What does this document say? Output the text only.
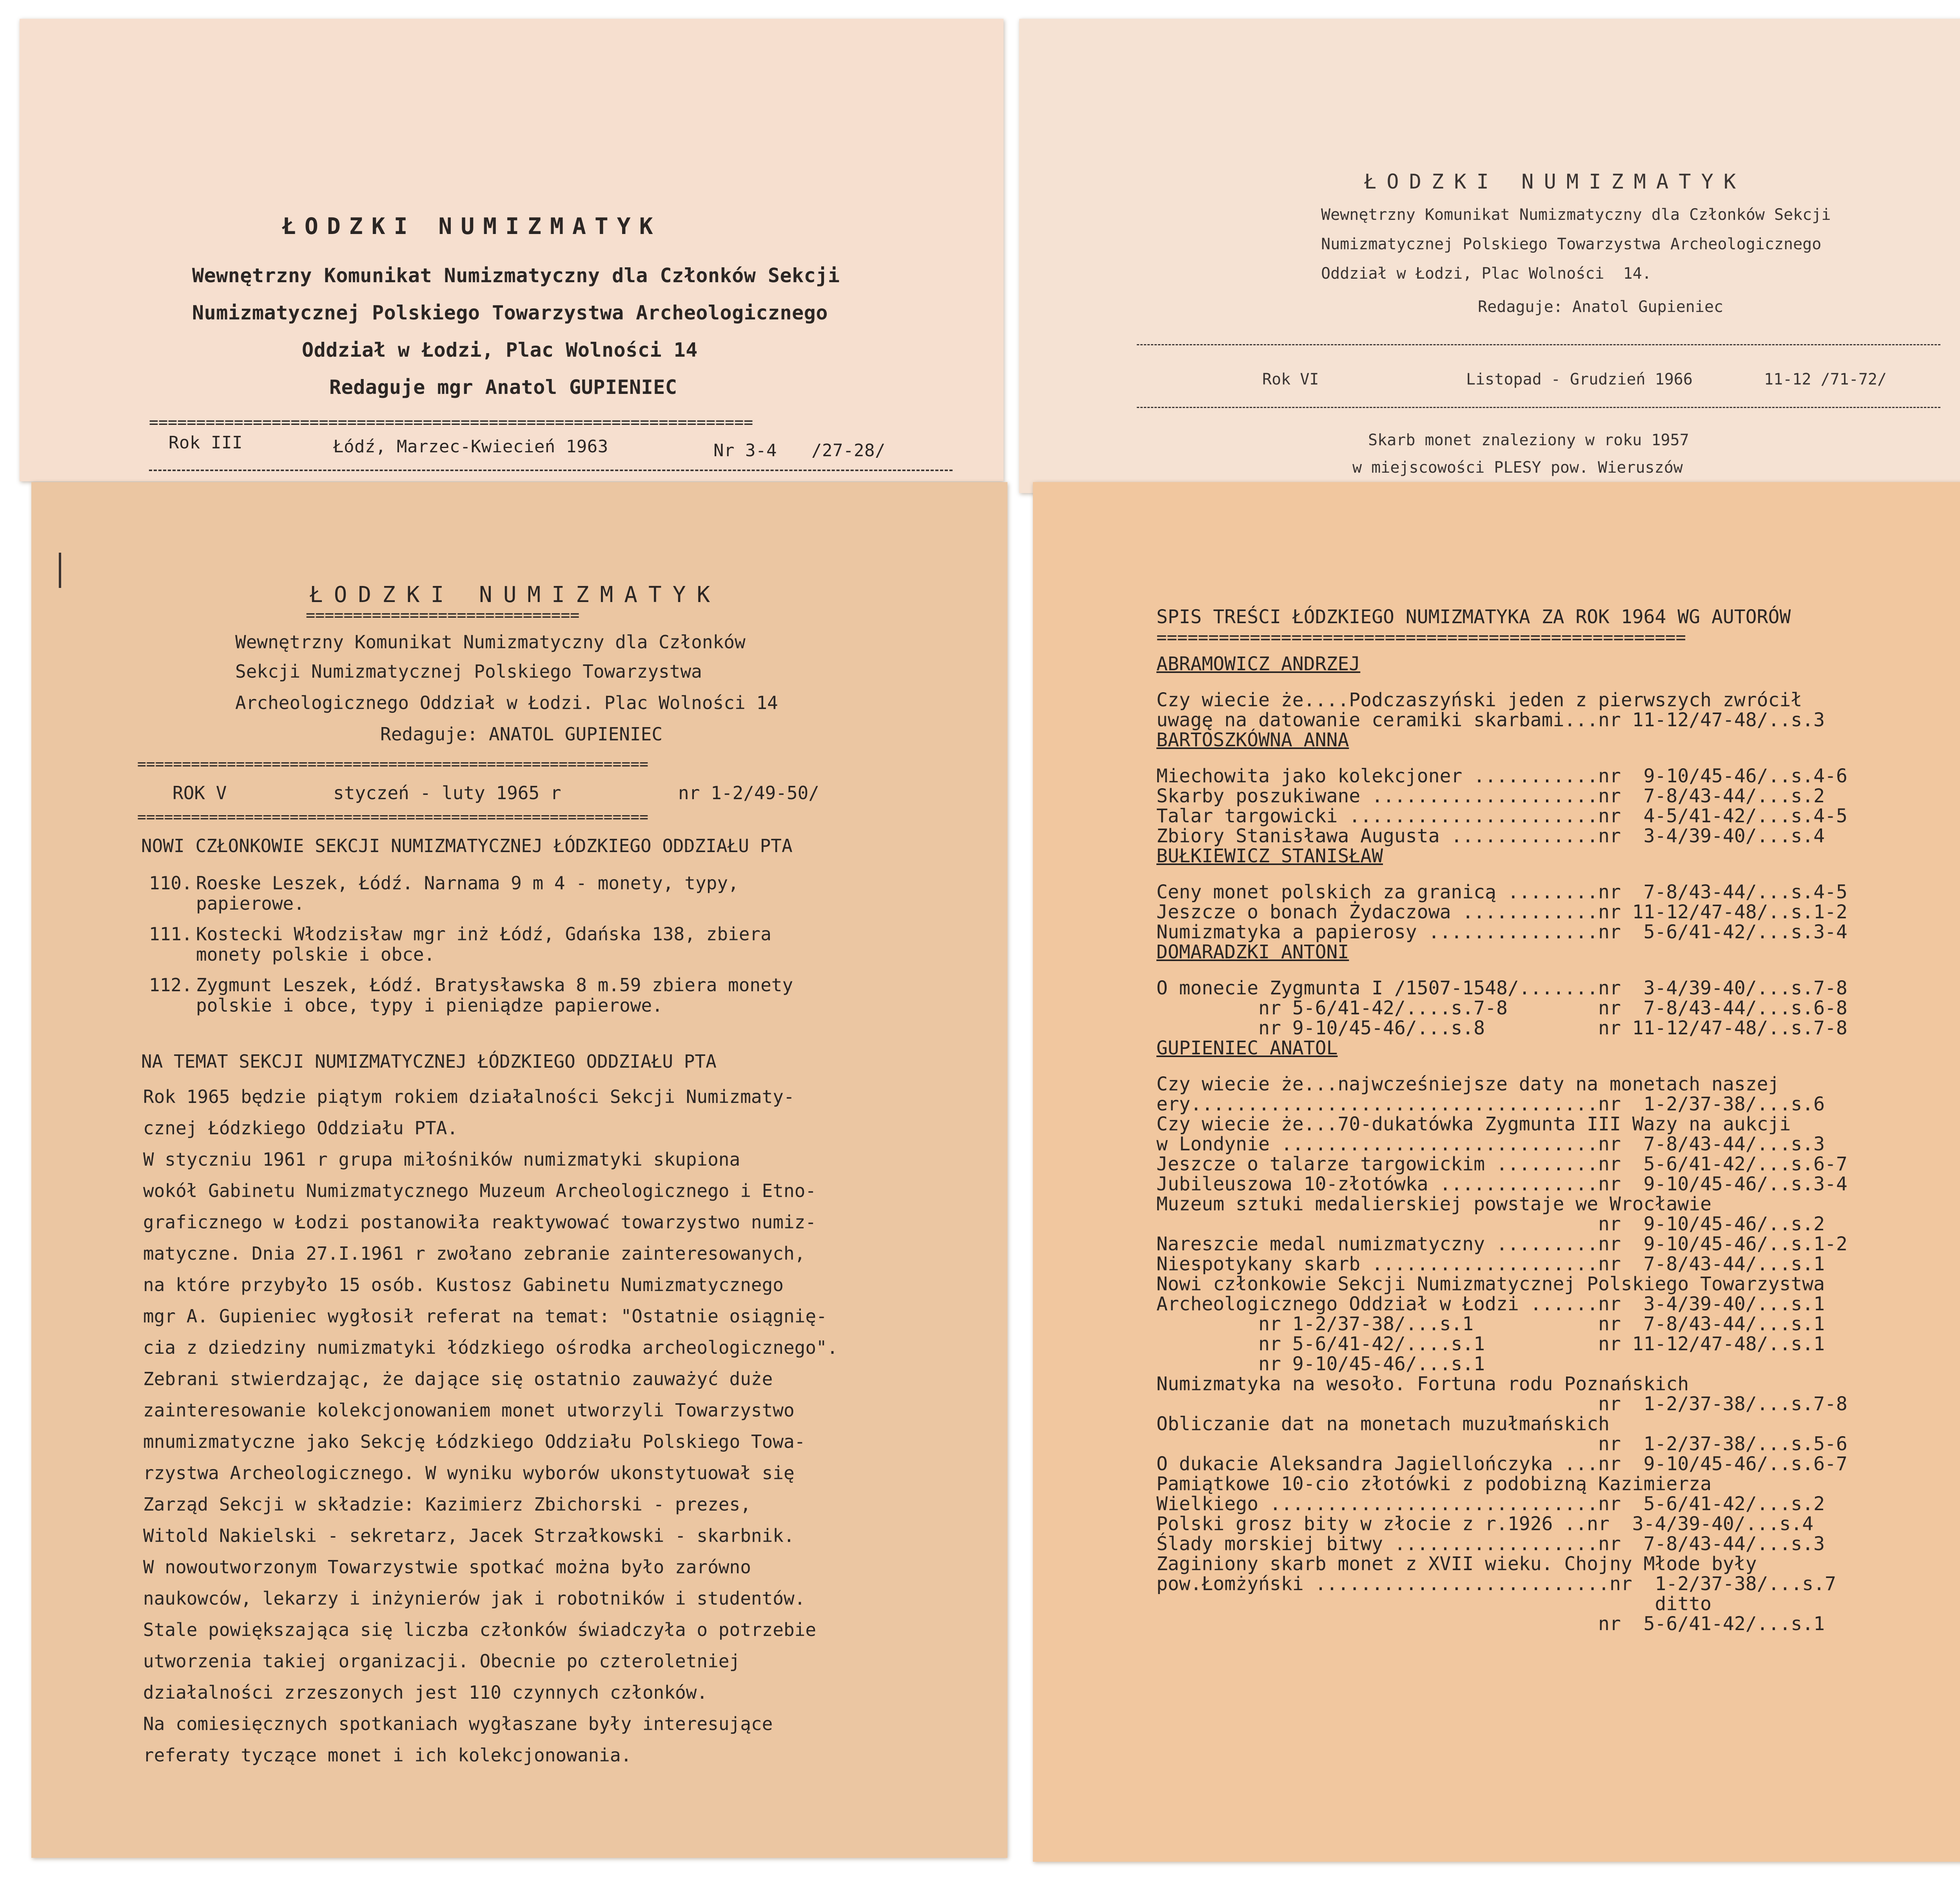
ŁODZKI NUMIZMATYK
Wewnętrzny Komunikat Numizmatyczny dla Członków Sekcji
Numizmatycznej Polskiego Towarzystwa Archeologicznego
Oddział w Łodzi, Plac Wolności 14
Redaguje mgr Anatol GUPIENIEC
================================================================
Rok III	Łódź, Marzec-Kwiecień 1963	Nr 3-4 /27-28/
ŁODZKI NUMIZMATYK
Wewnętrzny Komunikat Numizmatyczny dla Członków Sekcji
Numizmatycznej Polskiego Towarzystwa Archeologicznego
Oddział w Łodzi, Plac Wolności  14.
Redaguje: Anatol Gupieniec
Rok VI	Listopad - Grudzień 1966	11-12 /71-72/
Skarb monet znaleziony w roku 1957
w miejscowości PLESY pow. Wieruszów
ŁODZKI NUMIZMATYK
=============================
Wewnętrzny Komunikat Numizmatyczny dla Członków
Sekcji Numizmatycznej Polskiego Towarzystwa
Archeologicznego Oddział w Łodzi. Plac Wolności 14
Redaguje: ANATOL GUPIENIEC
=========================================================
ROK V	styczeń - luty 1965 r	nr 1-2/49-50/
=========================================================
NOWI CZŁONKOWIE SEKCJI NUMIZMATYCZNEJ ŁÓDZKIEGO ODDZIAŁU PTA
110. Roeske Leszek, Łódź. Narnama 9 m 4 - monety, typy,
papierowe.
111. Kostecki Włodzisław mgr inż Łódź, Gdańska 138, zbiera
monety polskie i obce.
112. Zygmunt Leszek, Łódź. Bratysławska 8 m.59 zbiera monety
polskie i obce, typy i pieniądze papierowe.
NA TEMAT SEKCJI NUMIZMATYCZNEJ ŁÓDZKIEGO ODDZIAŁU PTA
Rok 1965 będzie piątym rokiem działalności Sekcji Numizmaty-
cznej Łódzkiego Oddziału PTA.
W styczniu 1961 r grupa miłośników numizmatyki skupiona
wokół Gabinetu Numizmatycznego Muzeum Archeologicznego i Etno-
graficznego w Łodzi postanowiła reaktywować towarzystwo numiz-
matyczne. Dnia 27.I.1961 r zwołano zebranie zainteresowanych,
na które przybyło 15 osób. Kustosz Gabinetu Numizmatycznego
mgr A. Gupieniec wygłosił referat na temat: "Ostatnie osiągnię-
cia z dziedziny numizmatyki łódzkiego ośrodka archeologicznego".
Zebrani stwierdzając, że dające się ostatnio zauważyć duże
zainteresowanie kolekcjonowaniem monet utworzyli Towarzystwo
mnumizmatyczne jako Sekcję Łódzkiego Oddziału Polskiego Towa-
rzystwa Archeologicznego. W wyniku wyborów ukonstytuował się
Zarząd Sekcji w składzie: Kazimierz Zbichorski - prezes,
Witold Nakielski - sekretarz, Jacek Strzałkowski - skarbnik.
W nowoutworzonym Towarzystwie spotkać można było zarówno
naukowców, lekarzy i inżynierów jak i robotników i studentów.
Stale powiększająca się liczba członków świadczyła o potrzebie
utworzenia takiej organizacji. Obecnie po czteroletniej
działalności zrzeszonych jest 110 czynnych członków.
Na comiesięcznych spotkaniach wygłaszane były interesujące
referaty tyczące monet i ich kolekcjonowania.
SPIS TREŚCI ŁÓDZKIEGO NUMIZMATYKA ZA ROK 1964 WG AUTORÓW
===================================================
ABRAMOWICZ ANDRZEJ
Czy wiecie że....Podczaszyński jeden z pierwszych zwrócił
uwagę na datowanie ceramiki skarbami...nr 11-12/47-48/..s.3
BARTOSZKÓWNA ANNA
Miechowita jako kolekcjoner ...........nr  9-10/45-46/..s.4-6
Skarby poszukiwane ....................nr  7-8/43-44/...s.2
Talar targowicki ......................nr  4-5/41-42/...s.4-5
Zbiory Stanisława Augusta .............nr  3-4/39-40/...s.4
BUŁKIEWICZ STANISŁAW
Ceny monet polskich za granicą ........nr  7-8/43-44/...s.4-5
Jeszcze o bonach Żydaczowa ............nr 11-12/47-48/..s.1-2
Numizmatyka a papierosy ...............nr  5-6/41-42/...s.3-4
DOMARADZKI ANTONI
O monecie Zygmunta I /1507-1548/.......nr  3-4/39-40/...s.7-8
nr 5-6/41-42/....s.7-8        nr  7-8/43-44/...s.6-8
nr 9-10/45-46/...s.8          nr 11-12/47-48/..s.7-8
GUPIENIEC ANATOL
Czy wiecie że...najwcześniejsze daty na monetach naszej
ery....................................nr  1-2/37-38/...s.6
Czy wiecie że...70-dukatówka Zygmunta III Wazy na aukcji
w Londynie ............................nr  7-8/43-44/...s.3
Jeszcze o talarze targowickim .........nr  5-6/41-42/...s.6-7
Jubileuszowa 10-złotówka ..............nr  9-10/45-46/..s.3-4
Muzeum sztuki medalierskiej powstaje we Wrocławie
nr  9-10/45-46/..s.2
Nareszcie medal numizmatyczny .........nr  9-10/45-46/..s.1-2
Niespotykany skarb ....................nr  7-8/43-44/...s.1
Nowi członkowie Sekcji Numizmatycznej Polskiego Towarzystwa
Archeologicznego Oddział w Łodzi ......nr  3-4/39-40/...s.1
nr 1-2/37-38/...s.1           nr  7-8/43-44/...s.1
nr 5-6/41-42/....s.1          nr 11-12/47-48/..s.1
nr 9-10/45-46/...s.1
Numizmatyka na wesoło. Fortuna rodu Poznańskich
nr  1-2/37-38/...s.7-8
Obliczanie dat na monetach muzułmańskich
nr  1-2/37-38/...s.5-6
O dukacie Aleksandra Jagiellończyka ...nr  9-10/45-46/..s.6-7
Pamiątkowe 10-cio złotówki z podobizną Kazimierza
Wielkiego .............................nr  5-6/41-42/...s.2
Polski grosz bity w złocie z r.1926 ..nr  3-4/39-40/...s.4
Ślady morskiej bitwy ..................nr  7-8/43-44/...s.3
Zaginiony skarb monet z XVII wieku. Chojny Młode były
pow.Łomżyński ..........................nr  1-2/37-38/...s.7
ditto
nr  5-6/41-42/...s.1
